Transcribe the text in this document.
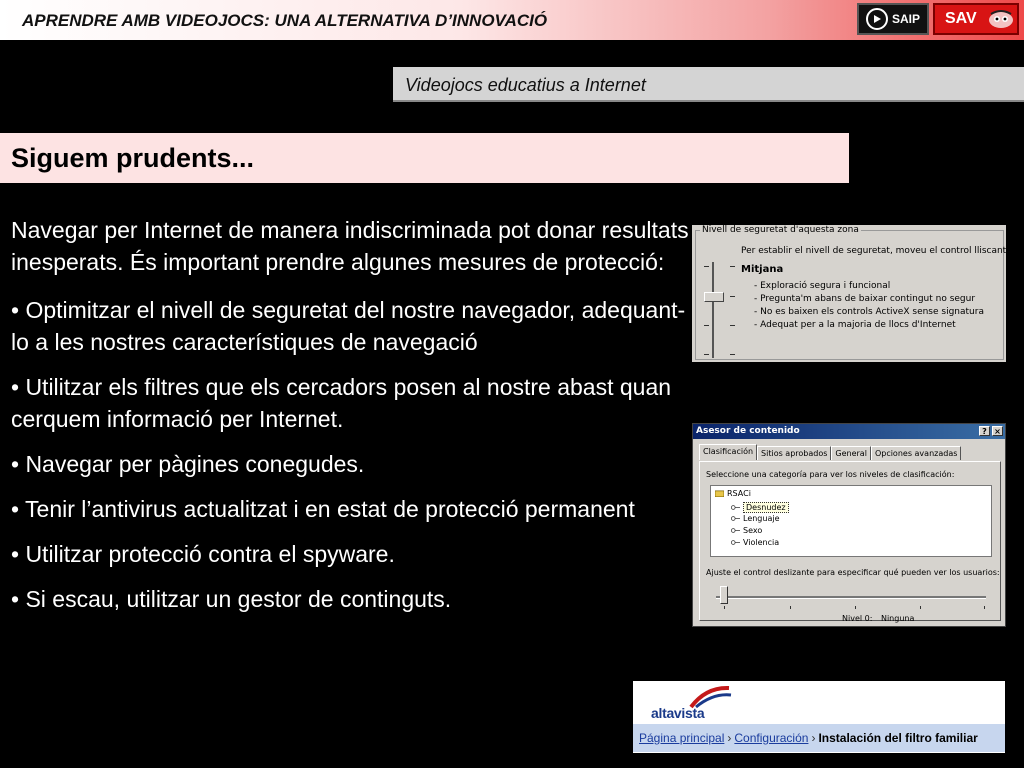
APRENDRE AMB VIDEOJOCS: UNA ALTERNATIVA D’INNOVACIÓ	SAIP SAV
Videojocs educatius a Internet
Siguem prudents...

Navegar per Internet de manera indiscriminada pot donar resultats inesperats. És important prendre algunes mesures de protecció:

• Optimitzar el nivell de seguretat del nostre navegador, adequant-lo a les nostres característiques de navegació

• Utilitzar els filtres que els cercadors posen al nostre abast quan cerquem informació per Internet.

• Navegar per pàgines conegudes.

• Tenir l’antivirus actualitzat i en estat de protecció permanent

• Utilitzar protecció contra el spyware.

• Si escau, utilitzar un gestor de continguts.

Nivell de seguretat d'aquesta zona
Per establir el nivell de seguretat, moveu el control lliscant.
Mitjana
- Exploració segura i funcional
- Pregunta'm abans de baixar contingut no segur
- No es baixen els controls ActiveX sense signatura
- Adequat per a la majoria de llocs d'Internet
Asesor de contenido	? ×
Clasificación	Sitios aprobados	General	Opciones avanzadas
Seleccione una categoría para ver los niveles de clasificación:
RSACi
Desnudez
Lenguaje
Sexo
Violencia
Ajuste el control deslizante para especificar qué pueden ver los usuarios:
Nivel 0: Ninguna
altavista
Página principal › Configuración › Instalación del filtro familiar
